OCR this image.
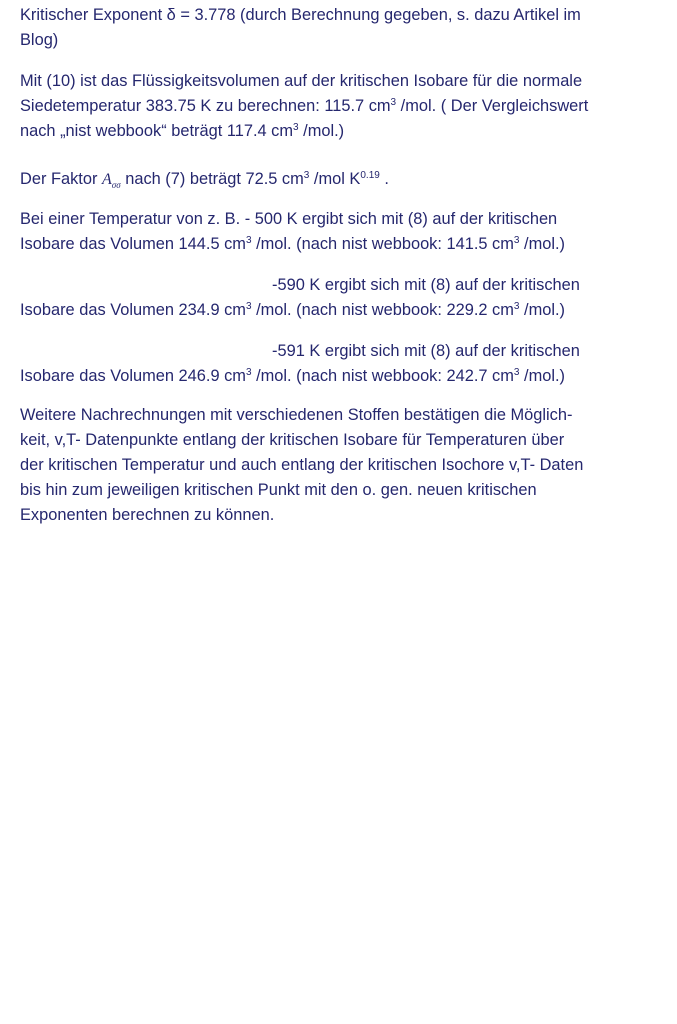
Kritischer Exponent δ = 3.778 (durch Berechnung gegeben, s. dazu Artikel im
Blog)

Mit (10) ist das Flüssigkeitsvolumen auf der kritischen Isobare für die normale
Siedetemperatur 383.75 K zu berechnen: 115.7 $cm^3$ /mol. ( Der Vergleichswert
nach „nist webbook“ beträgt 117.4 $cm^3$ /mol.)

Der Faktor $A_{\sigma\sigma}$ nach (7) beträgt 72.5 $cm^3$ /mol $K^{0.19}$ .

Bei einer Temperatur von z. B. - 500 K ergibt sich mit (8) auf der kritischen
Isobare das Volumen 144.5 $cm^3$ /mol. (nach nist webbook: 141.5 $cm^3$ /mol.)

-590 K ergibt sich mit (8) auf der kritischen
Isobare das Volumen 234.9 $cm^3$ /mol. (nach nist webbook: 229.2 $cm^3$ /mol.)

-591 K ergibt sich mit (8) auf der kritischen
Isobare das Volumen 246.9 $cm^3$ /mol. (nach nist webbook: 242.7 $cm^3$ /mol.)

Weitere Nachrechnungen mit verschiedenen Stoffen bestätigen die Möglich-
keit, v,T- Datenpunkte entlang der kritischen Isobare für Temperaturen über
der kritischen Temperatur und auch entlang der kritischen Isochore v,T- Daten
bis hin zum jeweiligen kritischen Punkt mit den o. gen. neuen kritischen
Exponenten berechnen zu können.
